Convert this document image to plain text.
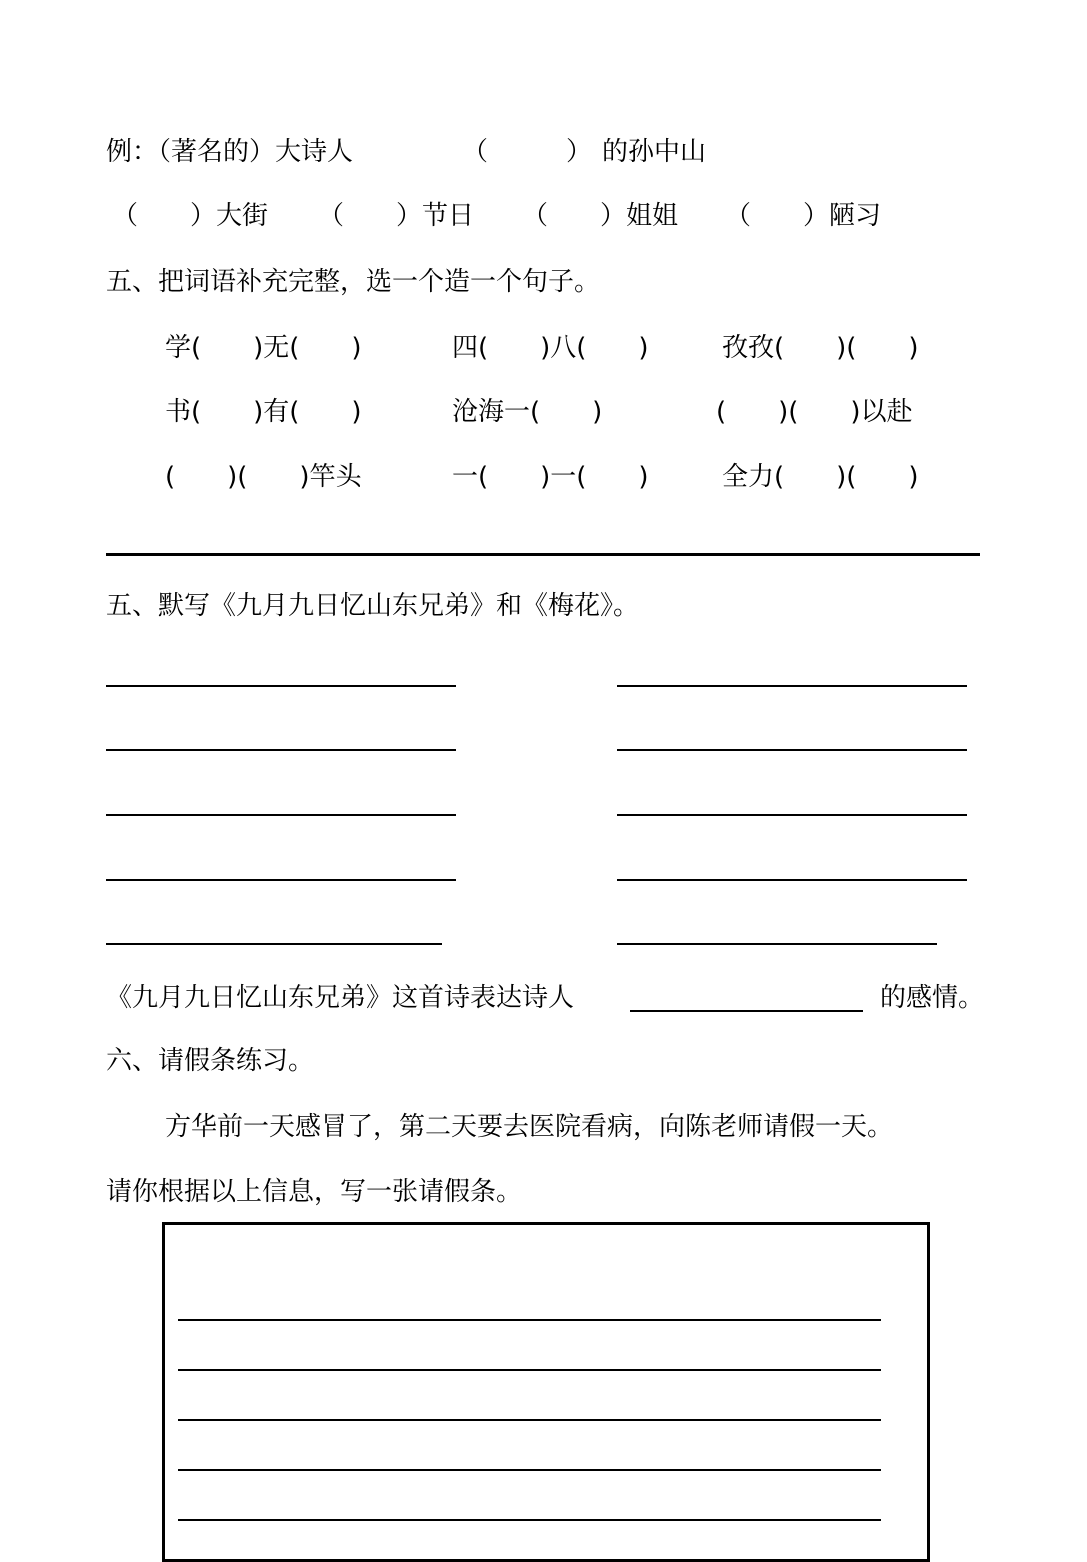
例：（著名的）大诗人	（　　　） 的孙中山
（　　）大街 （　　）节日 （　　）姐姐 （　　）陋习
五、把词语补充完整，选一个造一个句子。
学(　　)无(　　)	四(　　)八(　　)	孜孜(　　)(　　)
书(　　)有(　　)	沧海一(　　)	(　　)(　　)以赴
(　　)(　　)竿头	一(　　)一(　　)	全力(　　)(　　)
五、默写《九月九日忆山东兄弟》和《梅花》。
《九月九日忆山东兄弟》这首诗表达诗人	的感情。
六、请假条练习。
方华前一天感冒了，第二天要去医院看病，向陈老师请假一天。
请你根据以上信息，写一张请假条。
